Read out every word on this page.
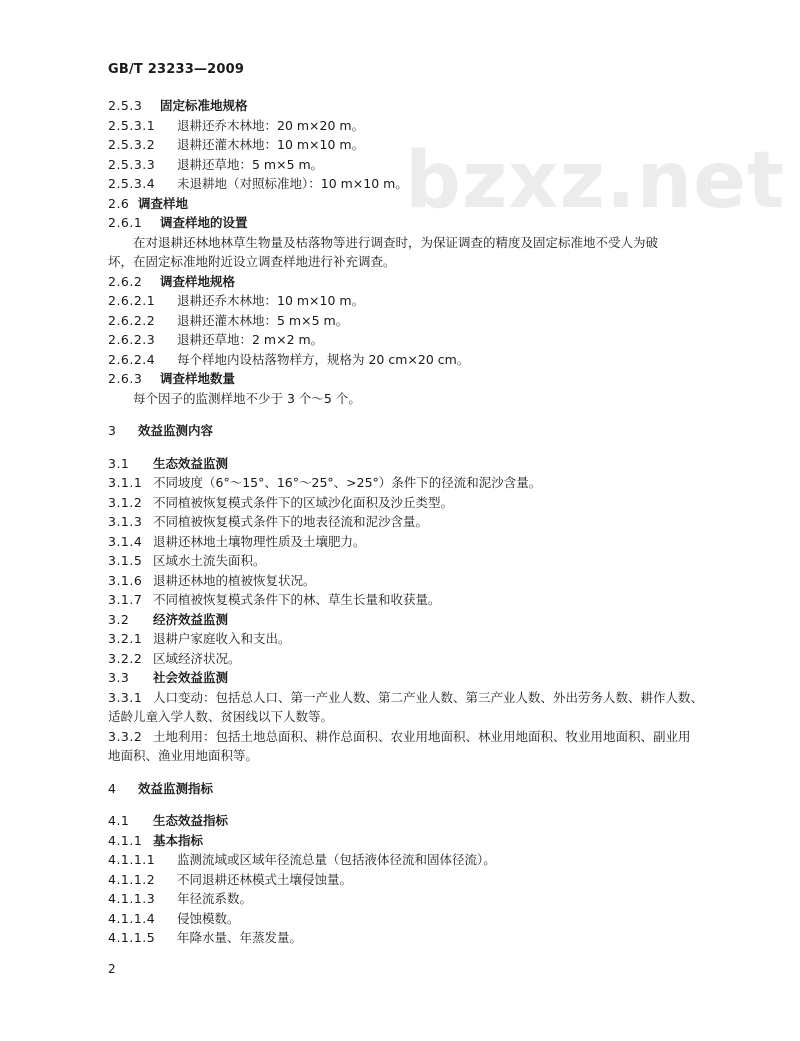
bzxz.net
GB/T 23233—2009
2.5.3	固定标准地规格
2.5.3.1	退耕还乔木林地：20 m×20 m。
2.5.3.2	退耕还灌木林地：10 m×10 m。
2.5.3.3	退耕还草地：5 m×5 m。
2.5.3.4	未退耕地（对照标准地）：10 m×10 m。
2.6 调查样地
2.6.1	调查样地的设置
在对退耕还林地林草生物量及枯落物等进行调查时，为保证调查的精度及固定标准地不受人为破
坏，在固定标准地附近设立调查样地进行补充调查。
2.6.2	调查样地规格
2.6.2.1	退耕还乔木林地：10 m×10 m。
2.6.2.2	退耕还灌木林地：5 m×5 m。
2.6.2.3	退耕还草地：2 m×2 m。
2.6.2.4	每个样地内设枯落物样方，规格为 20 cm×20 cm。
2.6.3	调查样地数量
每个因子的监测样地不少于 3 个～5 个。
3	效益监测内容
3.1	生态效益监测
3.1.1 不同坡度（6°～15°、16°～25°、>25°）条件下的径流和泥沙含量。
3.1.2 不同植被恢复模式条件下的区域沙化面积及沙丘类型。
3.1.3 不同植被恢复模式条件下的地表径流和泥沙含量。
3.1.4 退耕还林地土壤物理性质及土壤肥力。
3.1.5 区域水土流失面积。
3.1.6 退耕还林地的植被恢复状况。
3.1.7 不同植被恢复模式条件下的林、草生长量和收获量。
3.2	经济效益监测
3.2.1 退耕户家庭收入和支出。
3.2.2 区域经济状况。
3.3	社会效益监测
3.3.1 人口变动：包括总人口、第一产业人数、第二产业人数、第三产业人数、外出劳务人数、耕作人数、
适龄儿童入学人数、贫困线以下人数等。
3.3.2 土地利用：包括土地总面积、耕作总面积、农业用地面积、林业用地面积、牧业用地面积、副业用
地面积、渔业用地面积等。
4	效益监测指标
4.1	生态效益指标
4.1.1 基本指标
4.1.1.1	监测流域或区域年径流总量（包括液体径流和固体径流）。
4.1.1.2	不同退耕还林模式土壤侵蚀量。
4.1.1.3	年径流系数。
4.1.1.4	侵蚀模数。
4.1.1.5	年降水量、年蒸发量。
2
